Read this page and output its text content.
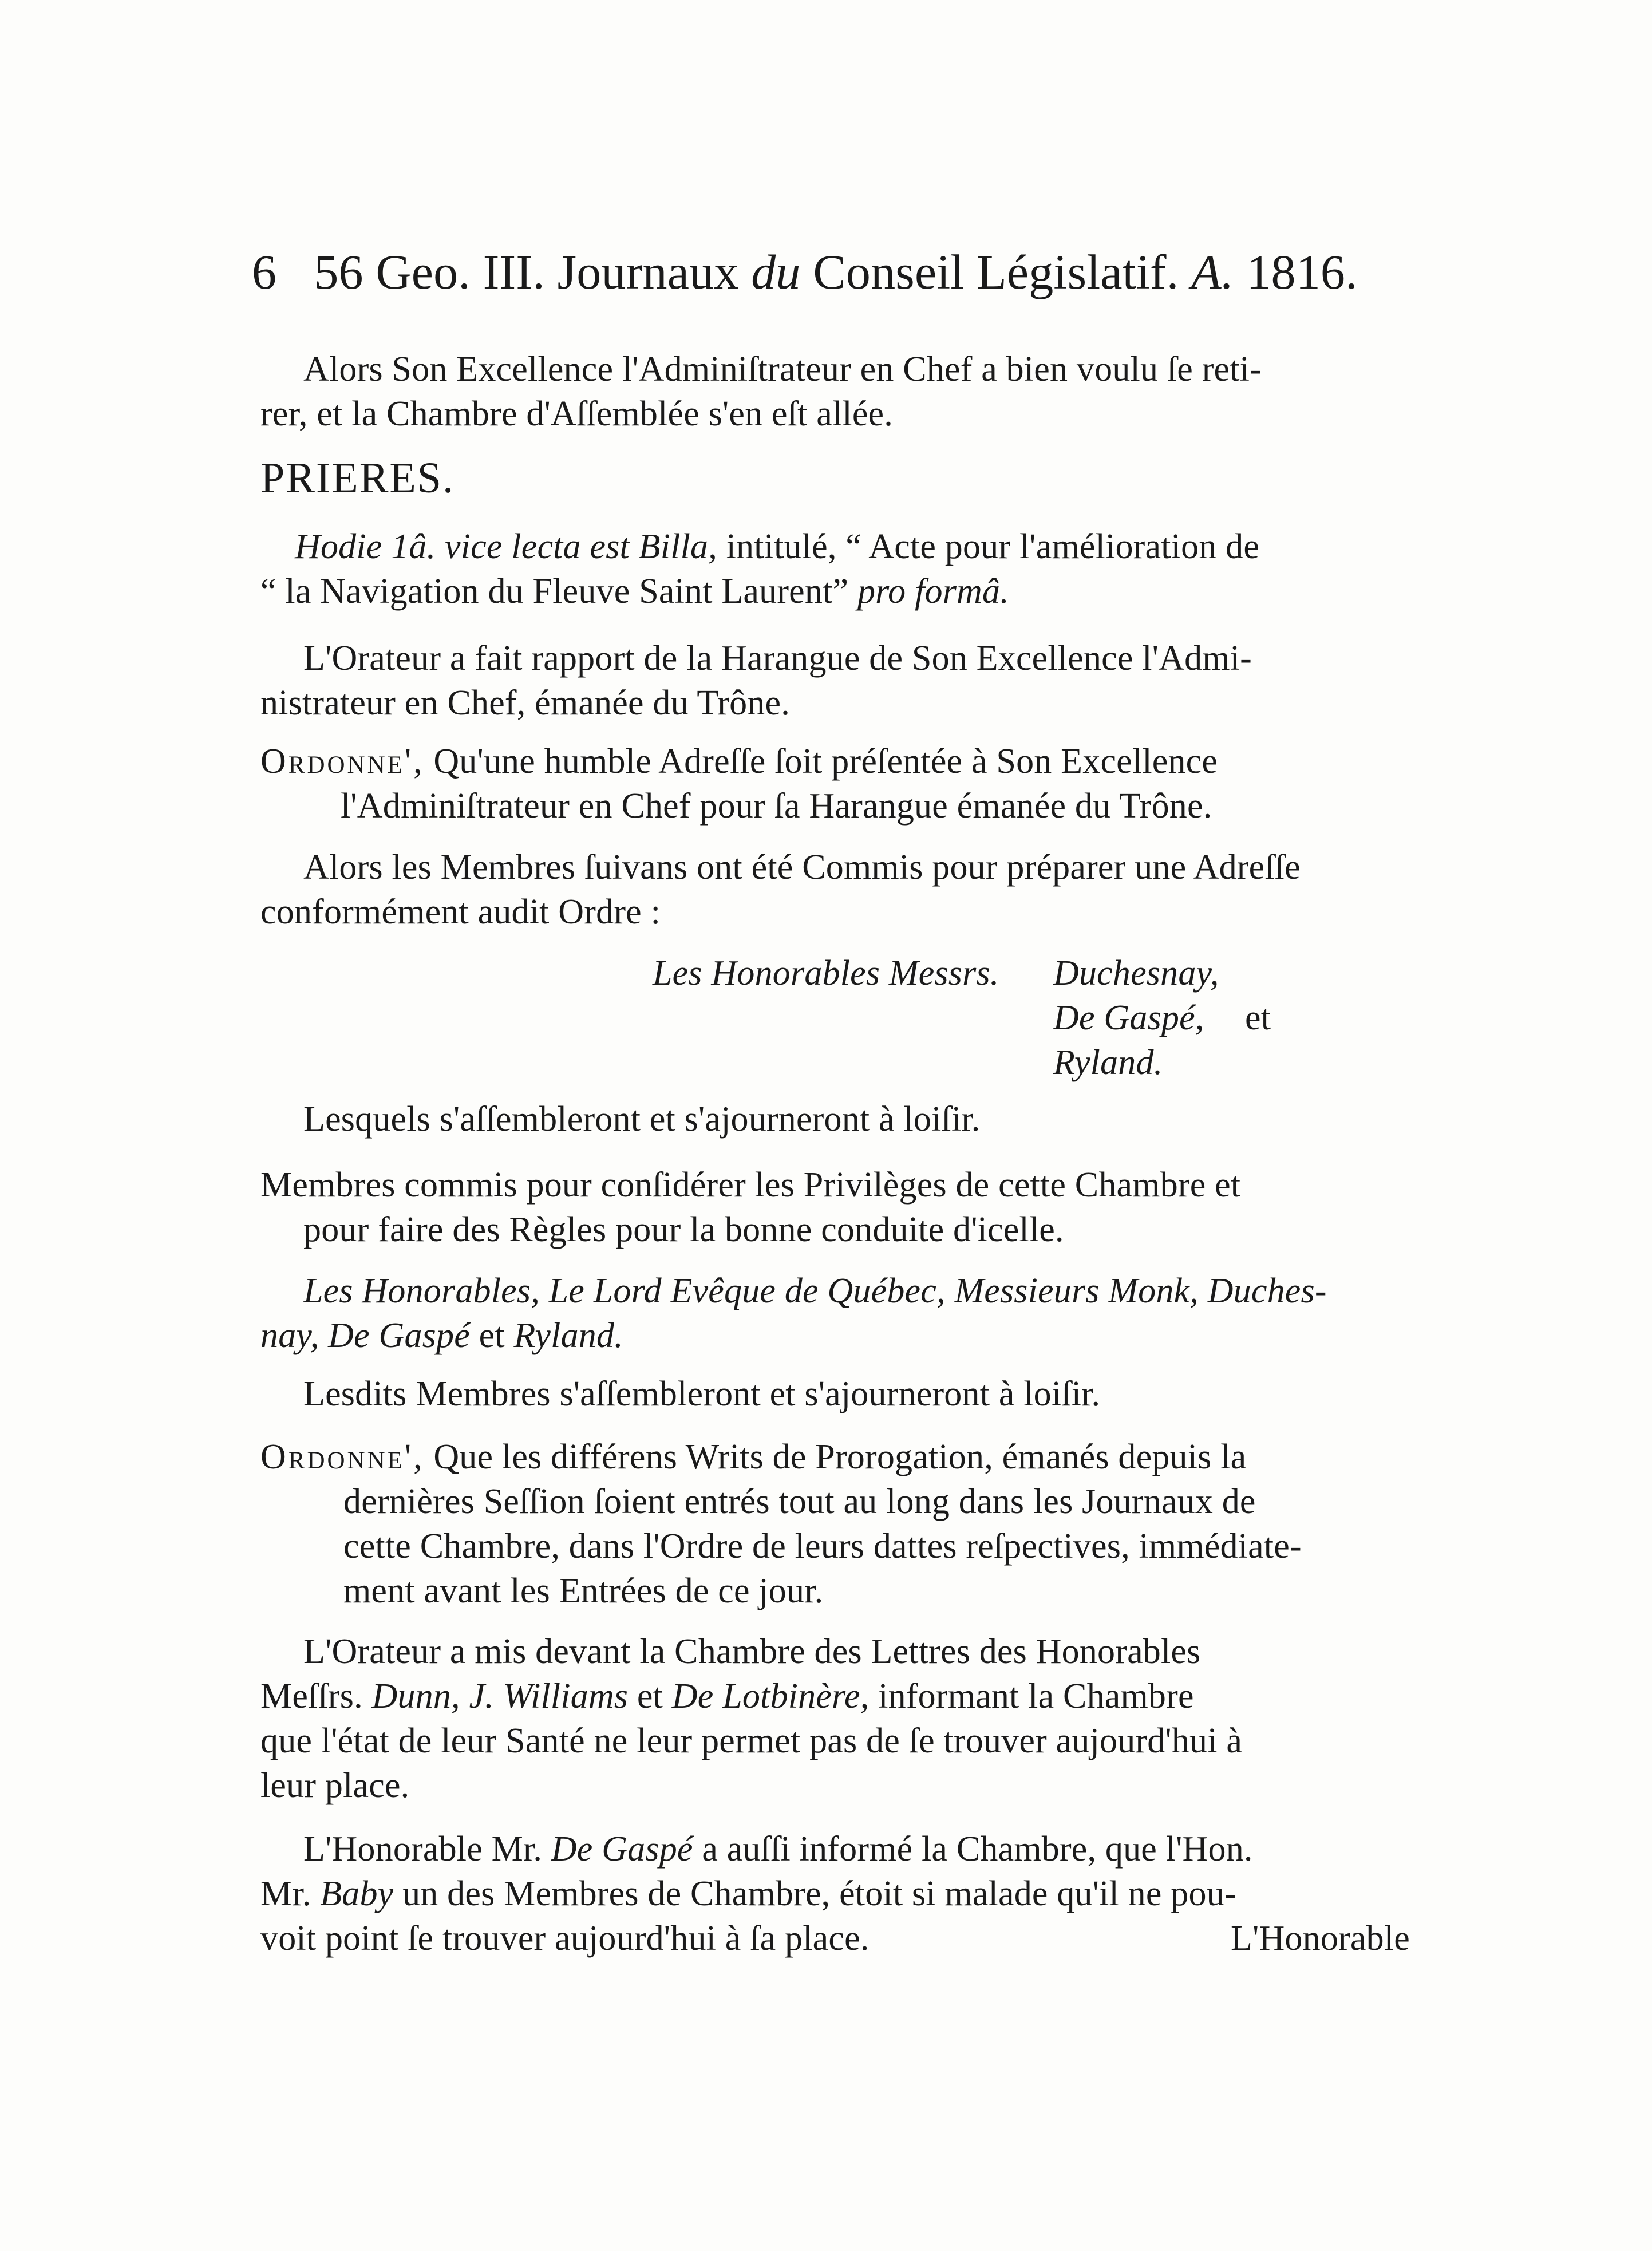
6 56 Geo. III. Journaux du Conseil Législatif. A. 1816.
Alors Son Excellence l'Adminiſtrateur en Chef a bien voulu ſe reti-
rer, et la Chambre d'Aſſemblée s'en eſt allée.
PRIERES.
Hodie 1â. vice lecta est Billa, intitulé, “ Acte pour l'amélioration de
“ la Navigation du Fleuve Saint Laurent” pro formâ.
L'Orateur a fait rapport de la Harangue de Son Excellence l'Admi-
nistrateur en Chef, émanée du Trône.
Ordonne', Qu'une humble Adreſſe ſoit préſentée à Son Excellence
l'Adminiſtrateur en Chef pour ſa Harangue émanée du Trône.
Alors les Membres ſuivans ont été Commis pour préparer une Adreſſe
conformément audit Ordre :
Les Honorables Messrs. Duchesnay,
De Gaspé, et
Ryland.
Lesquels s'aſſembleront et s'ajourneront à loiſir.
Membres commis pour conſidérer les Privilèges de cette Chambre et
pour faire des Règles pour la bonne conduite d'icelle.
Les Honorables, Le Lord Evêque de Québec, Messieurs Monk, Duches-
nay, De Gaspé et Ryland.
Lesdits Membres s'aſſembleront et s'ajourneront à loiſir.
Ordonne', Que les différens Writs de Prorogation, émanés depuis la
dernières Seſſion ſoient entrés tout au long dans les Journaux de
cette Chambre, dans l'Ordre de leurs dattes reſpectives, immédiate-
ment avant les Entrées de ce jour.
L'Orateur a mis devant la Chambre des Lettres des Honorables
Meſſrs. Dunn, J. Williams et De Lotbinère, informant la Chambre
que l'état de leur Santé ne leur permet pas de ſe trouver aujourd'hui à
leur place.
L'Honorable Mr. De Gaspé a auſſi informé la Chambre, que l'Hon.
Mr. Baby un des Membres de Chambre, étoit si malade qu'il ne pou-
voit point ſe trouver aujourd'hui à ſa place.	L'Honorable
